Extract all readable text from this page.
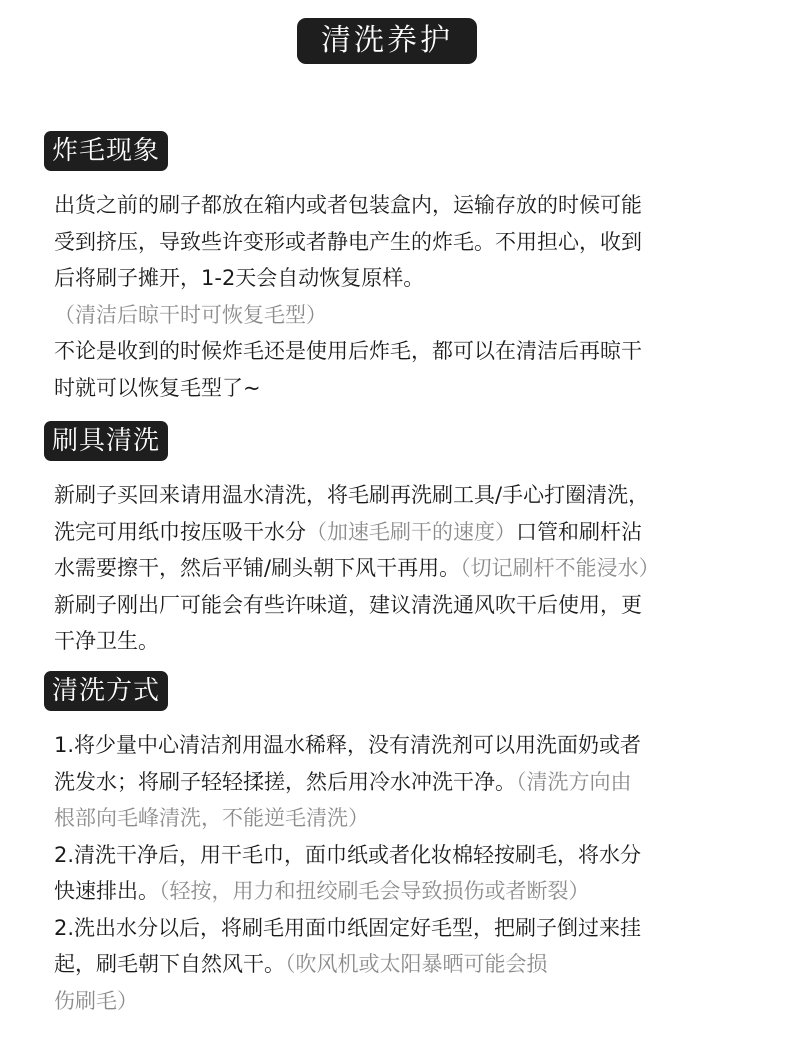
清洗养护
炸毛现象
出货之前的刷子都放在箱内或者包装盒内，运输存放的时候可能
受到挤压，导致些许变形或者静电产生的炸毛。不用担心，收到
后将刷子摊开，1-2天会自动恢复原样。
（清洁后晾干时可恢复毛型）
不论是收到的时候炸毛还是使用后炸毛，都可以在清洁后再晾干
时就可以恢复毛型了~
刷具清洗
新刷子买回来请用温水清洗，将毛刷再洗刷工具/手心打圈清洗，
洗完可用纸巾按压吸干水分（加速毛刷干的速度）口管和刷杆沾
水需要擦干，然后平铺/刷头朝下风干再用。（切记刷杆不能浸水）
新刷子刚出厂可能会有些许味道，建议清洗通风吹干后使用，更
干净卫生。
清洗方式
1.将少量中心清洁剂用温水稀释，没有清洗剂可以用洗面奶或者
洗发水；将刷子轻轻揉搓，然后用冷水冲洗干净。（清洗方向由
根部向毛峰清洗，不能逆毛清洗）
2.清洗干净后，用干毛巾，面巾纸或者化妆棉轻按刷毛，将水分
快速排出。（轻按，用力和扭绞刷毛会导致损伤或者断裂）
2.洗出水分以后，将刷毛用面巾纸固定好毛型，把刷子倒过来挂
起，刷毛朝下自然风干。（吹风机或太阳暴晒可能会损
伤刷毛）
